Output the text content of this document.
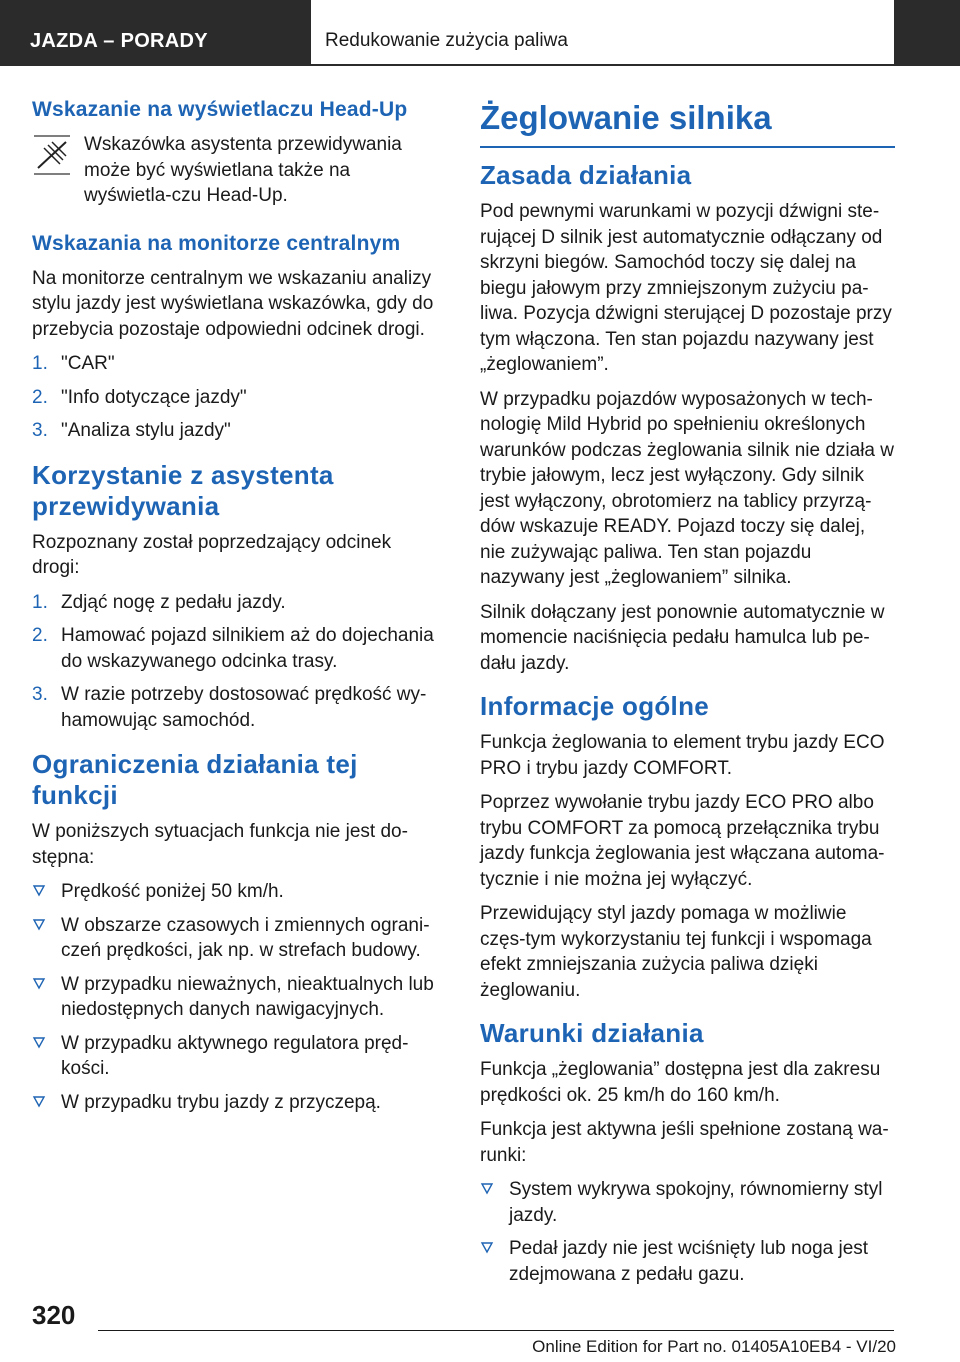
JAZDA – PORADY	Redukowanie zużycia paliwa
Wskazanie na wyświetlaczu Head-Up

Wskazówka asystenta przewidywania może być wyświetlana także na wyświetla-czu Head-Up.

Wskazania na monitorze centralnym

Na monitorze centralnym we wskazaniu analizy stylu jazdy jest wyświetlana wskazówka, gdy do przebycia pozostaje odpowiedni odcinek drogi.

1. "CAR"
2. "Info dotyczące jazdy"
3. "Analiza stylu jazdy"
Korzystanie z asystenta przewidywania

Rozpoznany został poprzedzający odcinek drogi:

1. Zdjąć nogę z pedału jazdy.
2. Hamować pojazd silnikiem aż do dojechania do wskazywanego odcinka trasy.
3. W razie potrzeby dostosować prędkość wy-hamowując samochód.
Ograniczenia działania tej funkcji

W poniższych sytuacjach funkcja nie jest do-stępna:

Prędkość poniżej 50 km/h.
W obszarze czasowych i zmiennych ograni-czeń prędkości, jak np. w strefach budowy.
W przypadku nieważnych, nieaktualnych lub niedostępnych danych nawigacyjnych.
W przypadku aktywnego regulatora pręd-kości.
W przypadku trybu jazdy z przyczepą.
Żeglowanie silnika
Zasada działania

Pod pewnymi warunkami w pozycji dźwigni ste-rującej D silnik jest automatycznie odłączany od skrzyni biegów. Samochód toczy się dalej na biegu jałowym przy zmniejszonym zużyciu pa-liwa. Pozycja dźwigni sterującej D pozostaje przy tym włączona. Ten stan pojazdu nazywany jest „żeglowaniem”.

W przypadku pojazdów wyposażonych w tech-nologię Mild Hybrid po spełnieniu określonych warunków podczas żeglowania silnik nie działa w trybie jałowym, lecz jest wyłączony. Gdy silnik jest wyłączony, obrotomierz na tablicy przyrzą-dów wskazuje READY. Pojazd toczy się dalej, nie zużywając paliwa. Ten stan pojazdu nazywany jest „żeglowaniem” silnika.

Silnik dołączany jest ponownie automatycznie w momencie naciśnięcia pedału hamulca lub pe-dału jazdy.

Informacje ogólne

Funkcja żeglowania to element trybu jazdy ECO PRO i trybu jazdy COMFORT.

Poprzez wywołanie trybu jazdy ECO PRO albo trybu COMFORT za pomocą przełącznika trybu jazdy funkcja żeglowania jest włączana automa-tycznie i nie można jej wyłączyć.

Przewidujący styl jazdy pomaga w możliwie częs-tym wykorzystaniu tej funkcji i wspomaga efekt zmniejszania zużycia paliwa dzięki żeglowaniu.

Warunki działania

Funkcja „żeglowania” dostępna jest dla zakresu prędkości ok. 25 km/h do 160 km/h.

Funkcja jest aktywna jeśli spełnione zostaną wa-runki:

System wykrywa spokojny, równomierny styl jazdy.
Pedał jazdy nie jest wciśnięty lub noga jest zdejmowana z pedału gazu.
320
Online Edition for Part no. 01405A10EB4 - VI/20
